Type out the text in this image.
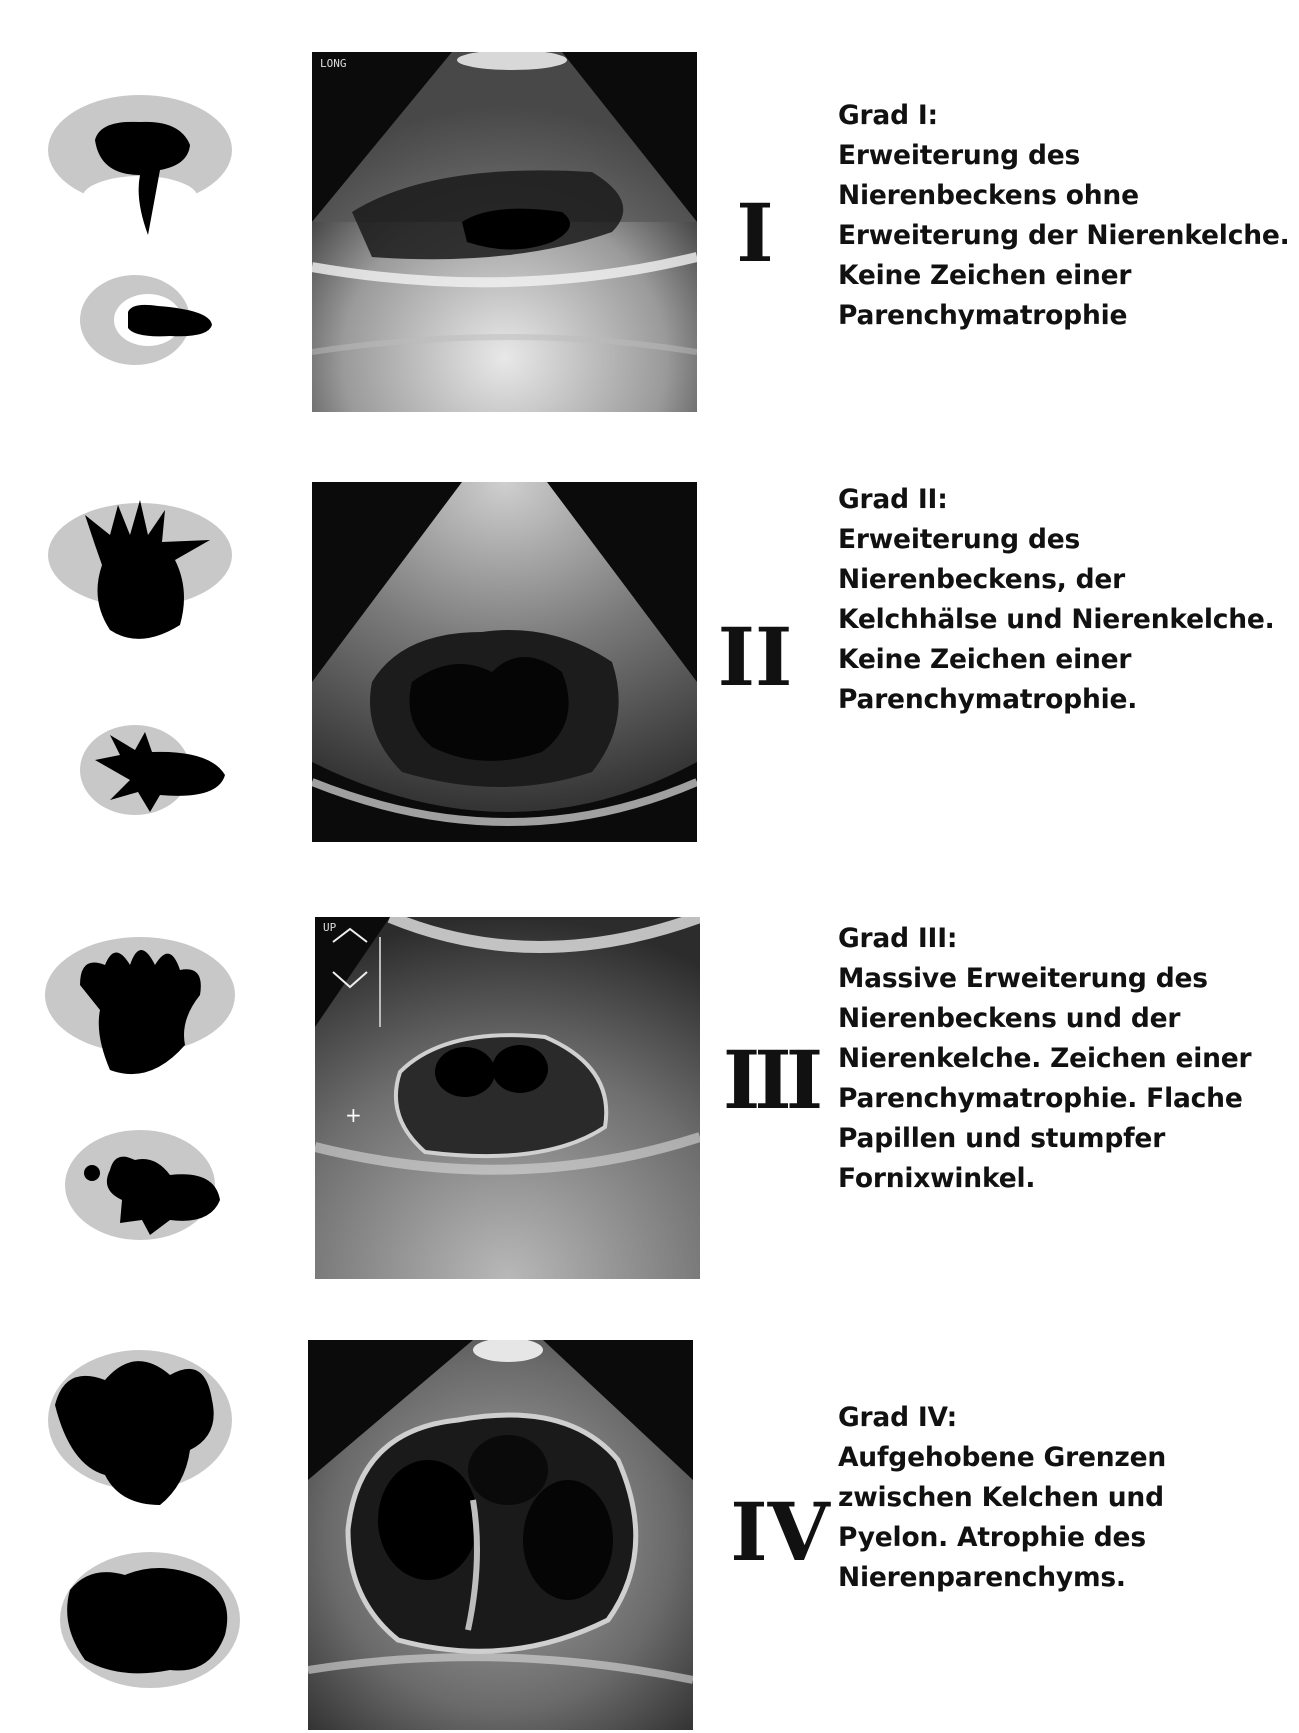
LONG
I
Grad I:
Erweiterung des
Nierenbeckens ohne
Erweiterung der Nierenkelche.
Keine Zeichen einer
Parenchymatrophie
II
Grad II:
Erweiterung des
Nierenbeckens, der
Kelchhälse und Nierenkelche.
Keine Zeichen einer
Parenchymatrophie.
+
UP
III
Grad III:
Massive Erweiterung des
Nierenbeckens und der
Nierenkelche. Zeichen einer
Parenchymatrophie. Flache
Papillen und stumpfer
Fornixwinkel.
IV
Grad IV:
Aufgehobene Grenzen
zwischen Kelchen und
Pyelon. Atrophie des
Nierenparenchyms.
